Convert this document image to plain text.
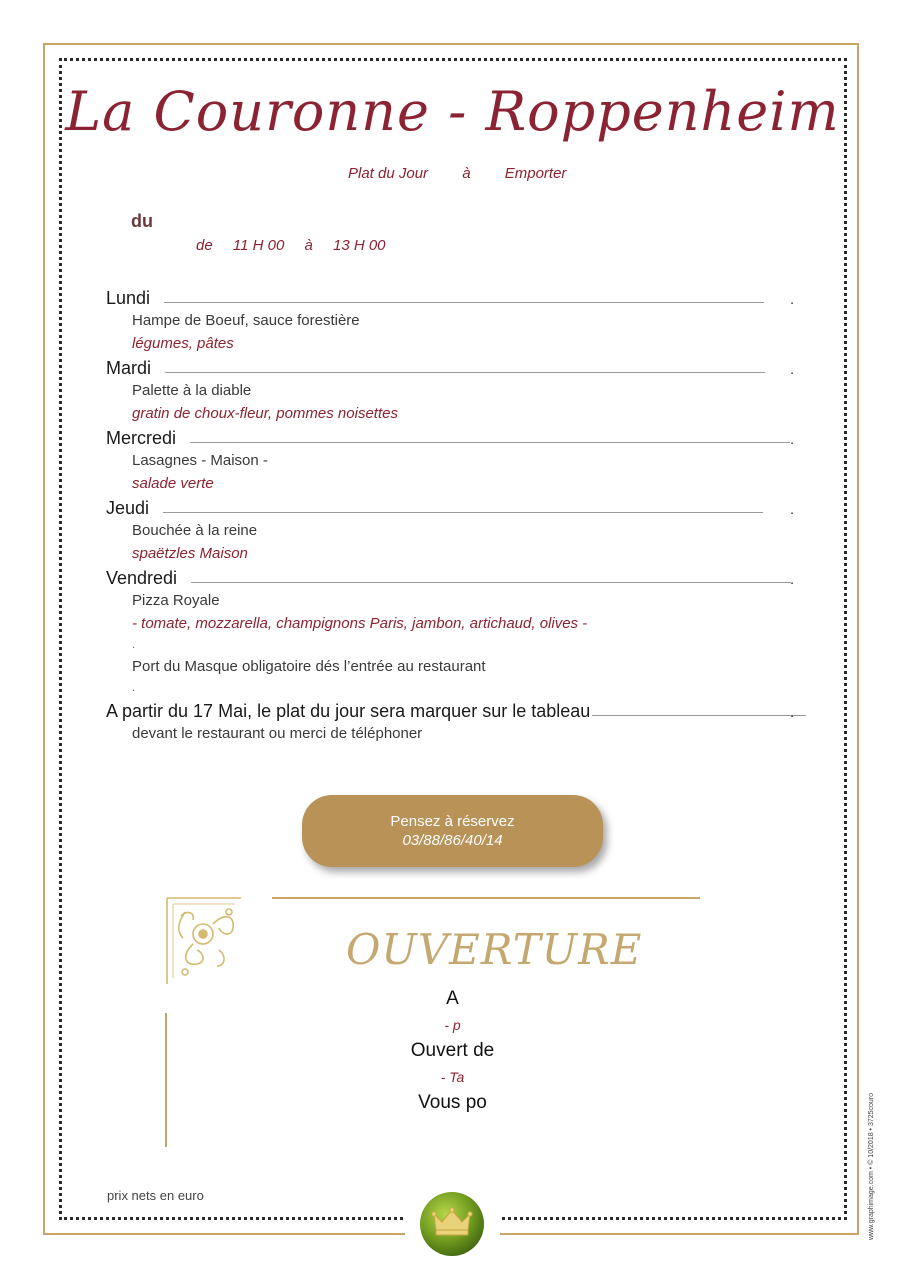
La Couronne - Roppenheim
Plat du Jour à Emporter
du
de 11 H 00 à 13 H 00
Lundi	.
Hampe de Boeuf, sauce forestière
légumes, pâtes
Mardi	.
Palette à la diable
gratin de choux-fleur, pommes noisettes
Mercredi	.
Lasagnes - Maison -
salade verte
Jeudi	.
Bouchée à la reine
spaëtzles Maison
Vendredi	.
Pizza Royale
- tomate, mozzarella, champignons Paris, jambon, artichaud, olives -
.
Port du Masque obligatoire dés l’entrée au restaurant
.
A partir du 17 Mai, le plat du jour sera marquer sur le tableau	.
devant le restaurant ou merci de téléphoner
Pensez à réservez
03/88/86/40/14
OUVERTURE
A
- p
Ouvert de
- Ta
Vous po
prix nets en euro	www.graphimage.com • © 10/2018 • 3725couro
